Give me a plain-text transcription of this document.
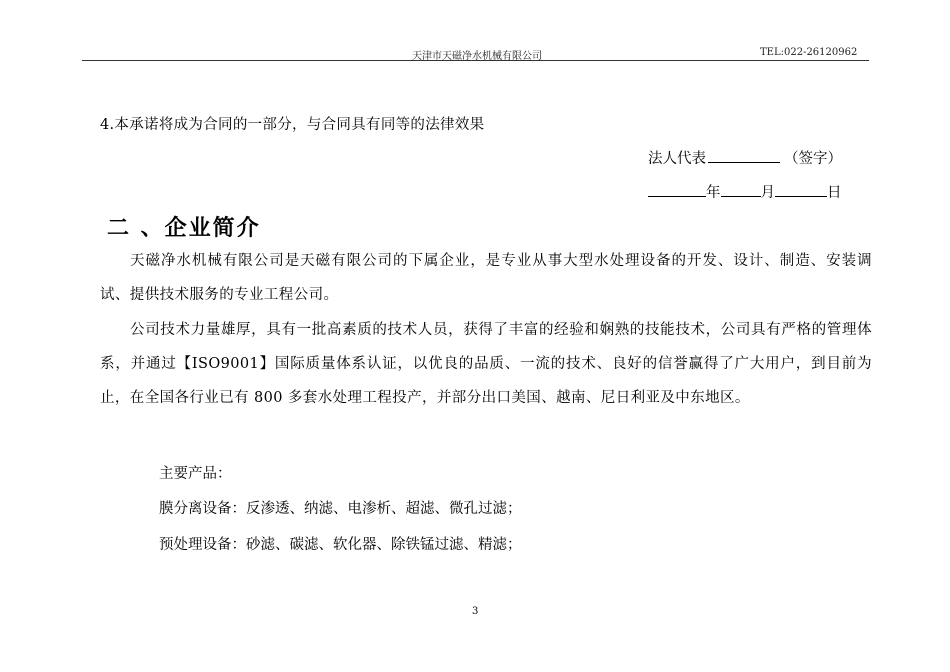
天津市天磁净水机械有限公司	TEL:022-26120962
4.本承诺将成为合同的一部分，与合同具有同等的法律效果
法人代表	（签字）
年	月	日
二 、企业简介
天磁净水机械有限公司是天磁有限公司的下属企业，是专业从事大型水处理设备的开发、设计、制造、安装调试、提供技术服务的专业工程公司。
公司技术力量雄厚，具有一批高素质的技术人员，获得了丰富的经验和娴熟的技能技术，公司具有严格的管理体系，并通过【ISO9001】国际质量体系认证，以优良的品质、一流的技术、良好的信誉赢得了广大用户，到目前为止，在全国各行业已有 800 多套水处理工程投产，并部分出口美国、越南、尼日利亚及中东地区。
主要产品：
膜分离设备：反渗透、纳滤、电渗析、超滤、微孔过滤；
预处理设备：砂滤、碳滤、软化器、除铁锰过滤、精滤；
3
